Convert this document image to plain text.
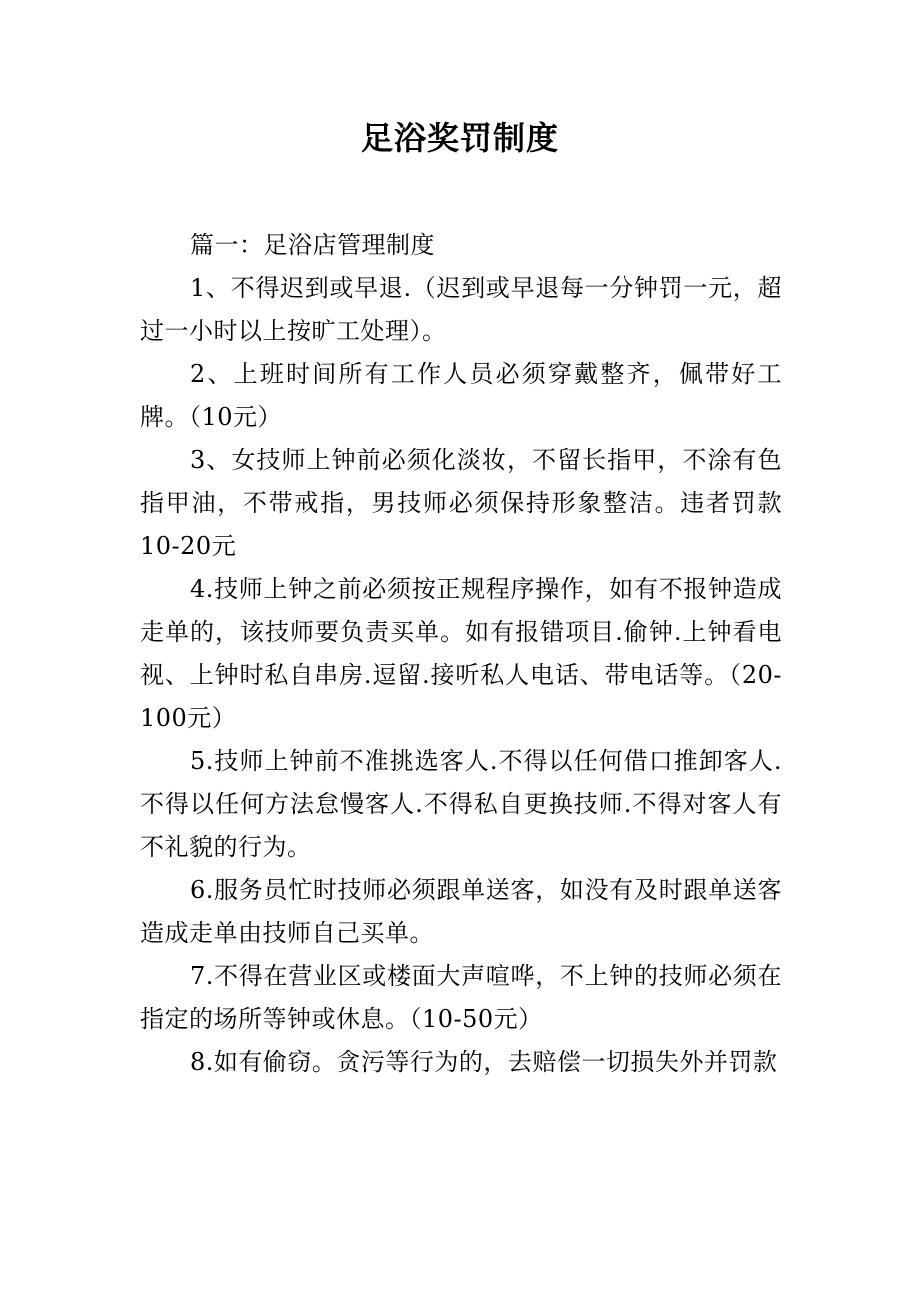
足浴奖罚制度

篇一：足浴店管理制度

1、不得迟到或早退.（迟到或早退每一分钟罚一元，超过一小时以上按旷工处理）。

2、上班时间所有工作人员必须穿戴整齐，佩带好工牌。（10元）

3、女技师上钟前必须化淡妆，不留长指甲，不涂有色指甲油，不带戒指，男技师必须保持形象整洁。违者罚款10-20元

4.技师上钟之前必须按正规程序操作，如有不报钟造成走单的，该技师要负责买单。如有报错项目.偷钟.上钟看电视、上钟时私自串房.逗留.接听私人电话、带电话等。（20-100元）

5.技师上钟前不准挑选客人.不得以任何借口推卸客人.不得以任何方法怠慢客人.不得私自更换技师.不得对客人有不礼貌的行为。

6.服务员忙时技师必须跟单送客，如没有及时跟单送客造成走单由技师自己买单。

7.不得在营业区或楼面大声喧哗，不上钟的技师必须在指定的场所等钟或休息。（10-50元）

8.如有偷窃。贪污等行为的，去赔偿一切损失外并罚款
